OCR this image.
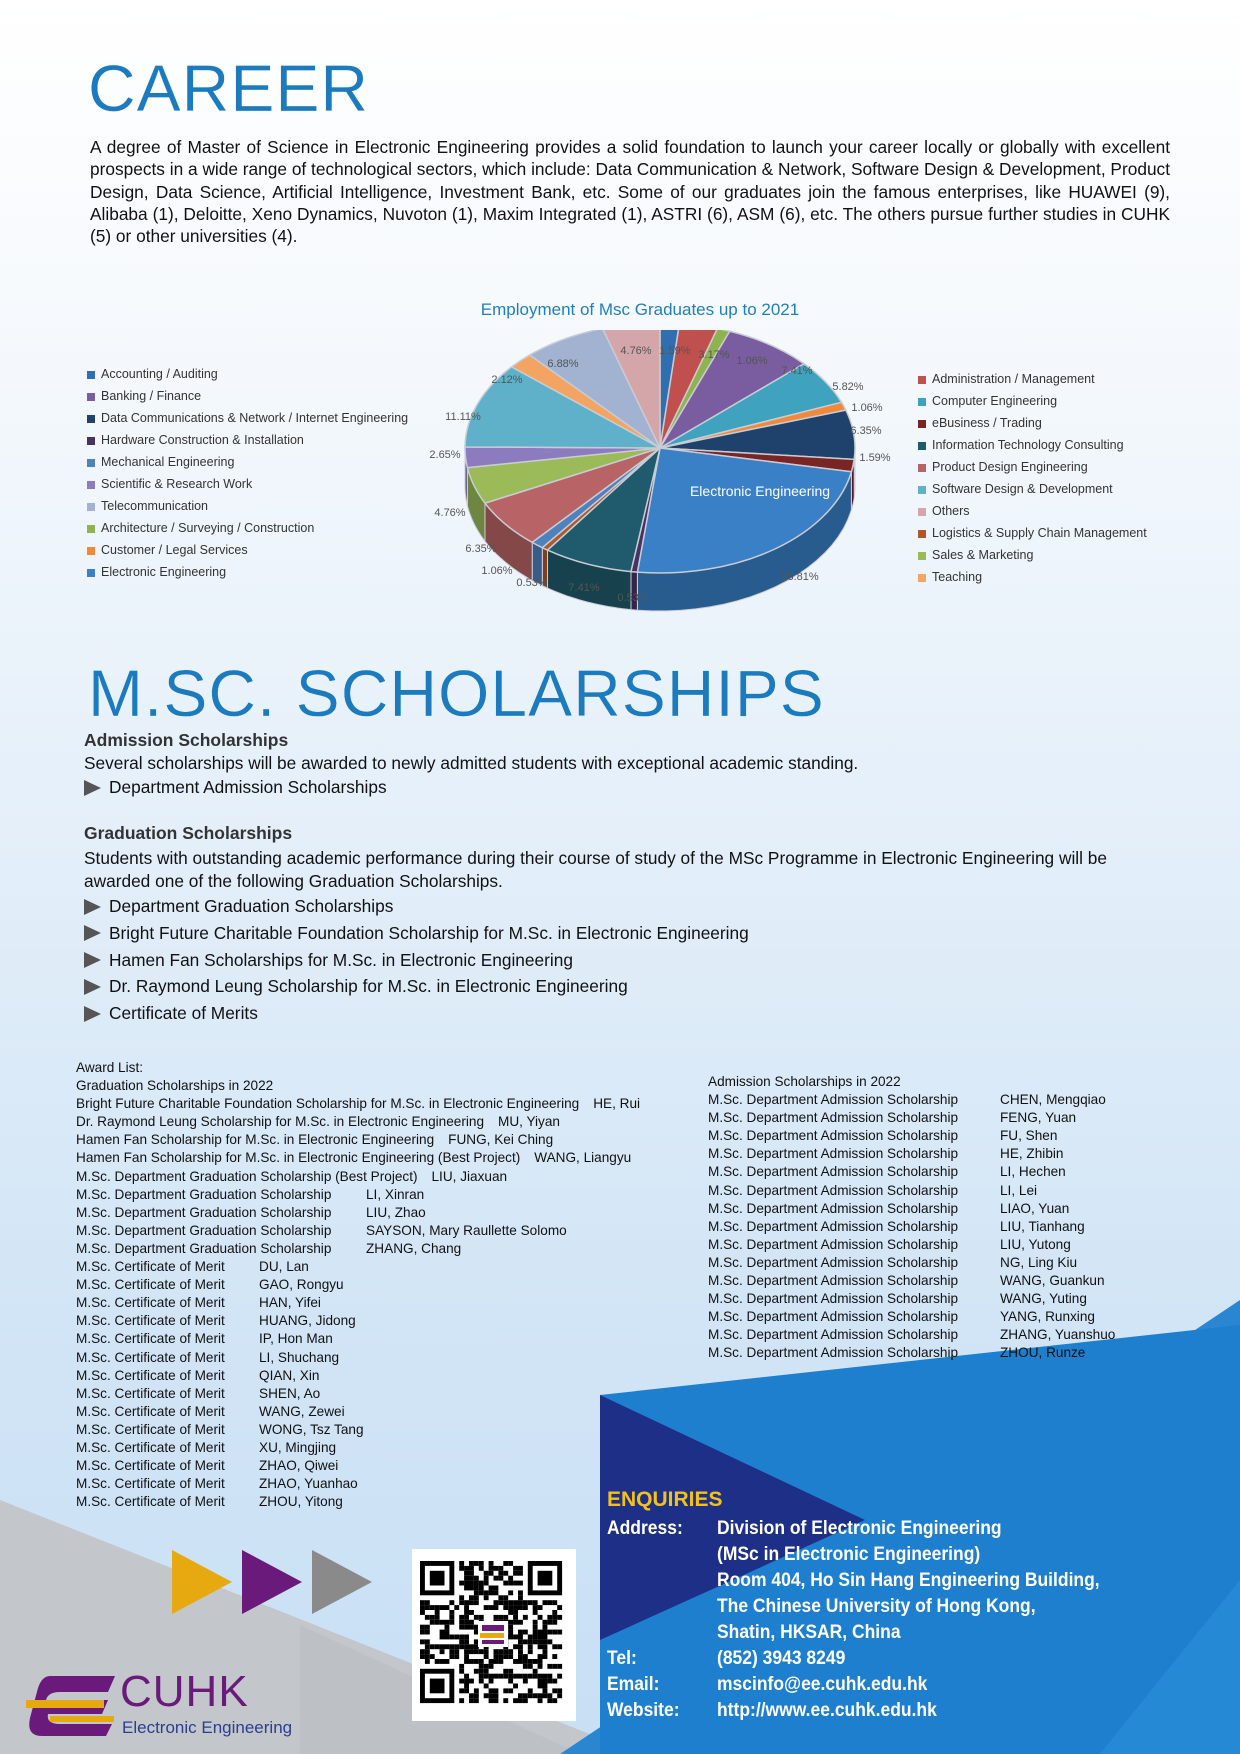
CAREER
A degree of Master of Science in Electronic Engineering provides a solid foundation to launch your career locally or globally with excellent prospects in a wide range of technological sectors, which include: Data Communication & Network, Software Design & Development, Product Design, Data Science, Artificial Intelligence, Investment Bank, etc. Some of our graduates join the famous enterprises, like HUAWEI (9), Alibaba (1), Deloitte, Xeno Dynamics, Nuvoton (1), Maxim Integrated (1), ASTRI (6), ASM (6), etc. The others pursue further studies in CUHK (5) or other universities (4).
Employment of Msc Graduates up to 2021
Accounting / Auditing
Banking / Finance
Data Communications & Network / Internet Engineering
Hardware Construction & Installation
Mechanical Engineering
Scientific & Research Work
Telecommunication
Architecture / Surveying / Construction
Customer / Legal Services
Electronic Engineering
Administration / Management
Computer Engineering
eBusiness / Trading
Information Technology Consulting
Product Design Engineering
Software Design & Development
Others
Logistics & Supply Chain Management
Sales & Marketing
Teaching
1.59% 3.17% 1.06%
7.41%
5.82%
1.06%
6.35%
1.59%
23.81%
0.53%
7.41%
0.53%
1.06%
6.35%
4.76%
2.65%
11.11%
2.12%
6.88%
4.76%
Electronic Engineering
M.SC. SCHOLARSHIPS
Admission Scholarships
Several scholarships will be awarded to newly admitted students with exceptional academic standing.
Department Admission Scholarships
Graduation Scholarships
Students with outstanding academic performance during their course of study of the MSc Programme in Electronic Engineering will be awarded one of the following Graduation Scholarships.
Department Graduation Scholarships
Bright Future Charitable Foundation Scholarship for M.Sc. in Electronic Engineering
Hamen Fan Scholarships for M.Sc. in Electronic Engineering
Dr. Raymond Leung Scholarship for M.Sc. in Electronic Engineering
Certificate of Merits
Award List:
Graduation Scholarships in 2022
Bright Future Charitable Foundation Scholarship for M.Sc. in Electronic Engineering HE, Rui
Dr. Raymond Leung Scholarship for M.Sc. in Electronic Engineering MU, Yiyan
Hamen Fan Scholarship for M.Sc. in Electronic Engineering FUNG, Kei Ching
Hamen Fan Scholarship for M.Sc. in Electronic Engineering (Best Project) WANG, Liangyu
M.Sc. Department Graduation Scholarship (Best Project) LIU, Jiaxuan
M.Sc. Department Graduation Scholarship	LI, Xinran
M.Sc. Department Graduation Scholarship	LIU, Zhao
M.Sc. Department Graduation Scholarship	SAYSON, Mary Raullette Solomo
M.Sc. Department Graduation Scholarship	ZHANG, Chang
M.Sc. Certificate of Merit	DU, Lan
M.Sc. Certificate of Merit	GAO, Rongyu
M.Sc. Certificate of Merit	HAN, Yifei
M.Sc. Certificate of Merit	HUANG, Jidong
M.Sc. Certificate of Merit	IP, Hon Man
M.Sc. Certificate of Merit	LI, Shuchang
M.Sc. Certificate of Merit	QIAN, Xin
M.Sc. Certificate of Merit	SHEN, Ao
M.Sc. Certificate of Merit	WANG, Zewei
M.Sc. Certificate of Merit	WONG, Tsz Tang
M.Sc. Certificate of Merit	XU, Mingjing
M.Sc. Certificate of Merit	ZHAO, Qiwei
M.Sc. Certificate of Merit	ZHAO, Yuanhao
M.Sc. Certificate of Merit	ZHOU, Yitong
Admission Scholarships in 2022
M.Sc. Department Admission Scholarship	CHEN, Mengqiao
M.Sc. Department Admission Scholarship	FENG, Yuan
M.Sc. Department Admission Scholarship	FU, Shen
M.Sc. Department Admission Scholarship	HE, Zhibin
M.Sc. Department Admission Scholarship	LI, Hechen
M.Sc. Department Admission Scholarship	LI, Lei
M.Sc. Department Admission Scholarship	LIAO, Yuan
M.Sc. Department Admission Scholarship	LIU, Tianhang
M.Sc. Department Admission Scholarship	LIU, Yutong
M.Sc. Department Admission Scholarship	NG, Ling Kiu
M.Sc. Department Admission Scholarship	WANG, Guankun
M.Sc. Department Admission Scholarship	WANG, Yuting
M.Sc. Department Admission Scholarship	YANG, Runxing
M.Sc. Department Admission Scholarship	ZHANG, Yuanshuo
M.Sc. Department Admission Scholarship	ZHOU, Runze
CUHK
Electronic Engineering
ENQUIRIES
Address: Division of Electronic Engineering
(MSc in Electronic Engineering)
Room 404, Ho Sin Hang Engineering Building,
The Chinese University of Hong Kong,
Shatin, HKSAR, China
Tel:	(852) 3943 8249
Email:	mscinfo@ee.cuhk.edu.hk
Website: http://www.ee.cuhk.edu.hk
